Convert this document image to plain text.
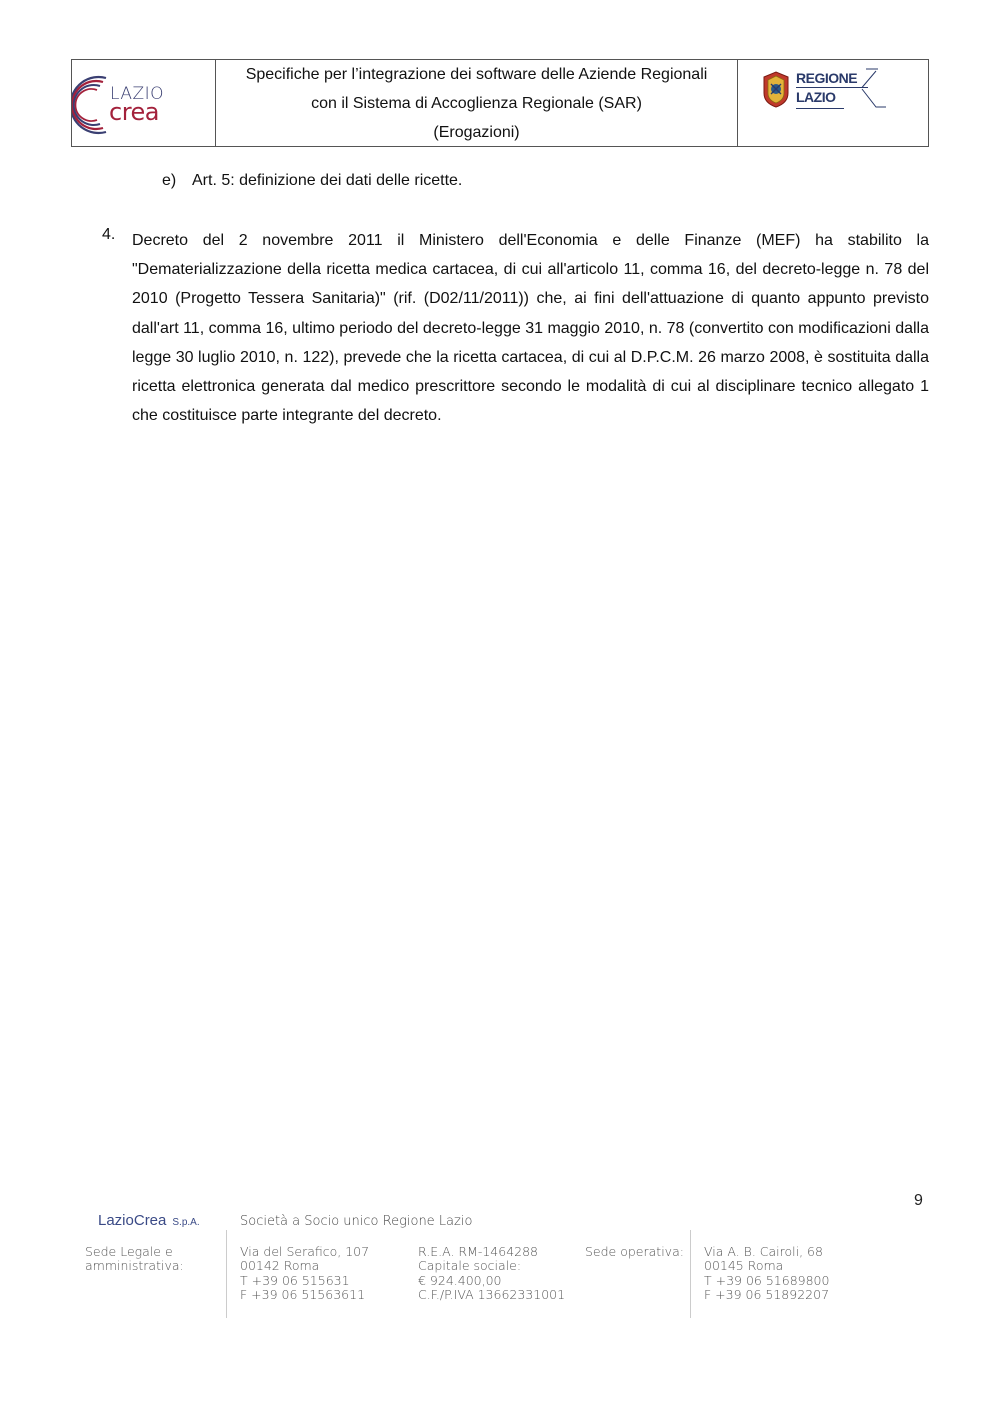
LAZIO
crea
Specifiche per l’integrazione dei software delle Aziende Regionali
con il Sistema di Accoglienza Regionale (SAR)
(Erogazioni)
REGIONE
LAZIO
e) Art. 5: definizione dei dati delle ricette.
4. Decreto del 2 novembre 2011 il Ministero dell'Economia e delle Finanze (MEF) ha stabilito la "Dematerializzazione della ricetta medica cartacea, di cui all'articolo 11, comma 16, del decreto-legge n. 78 del 2010 (Progetto Tessera Sanitaria)" (rif. (D02/11/2011)) che, ai fini dell'attuazione di quanto appunto previsto dall'art 11, comma 16, ultimo periodo del decreto-legge 31 maggio 2010, n. 78 (convertito con modificazioni dalla legge 30 luglio 2010, n. 122), prevede che la ricetta cartacea, di cui al D.P.C.M. 26 marzo 2008, è sostituita dalla ricetta elettronica generata dal medico prescrittore secondo le modalità di cui al disciplinare tecnico allegato 1 che costituisce parte integrante del decreto.
9
LazioCrea S.p.A.	Società a Socio unico Regione Lazio
Sede Legale e
amministrativa:
Via del Serafico, 107
00142 Roma
T +39 06 515631
F +39 06 51563611
R.E.A. RM-1464288
Capitale sociale:
€ 924.400,00
C.F./P.IVA 13662331001
Sede operativa: Via A. B. Cairoli, 68
00145 Roma
T +39 06 51689800
F +39 06 51892207
